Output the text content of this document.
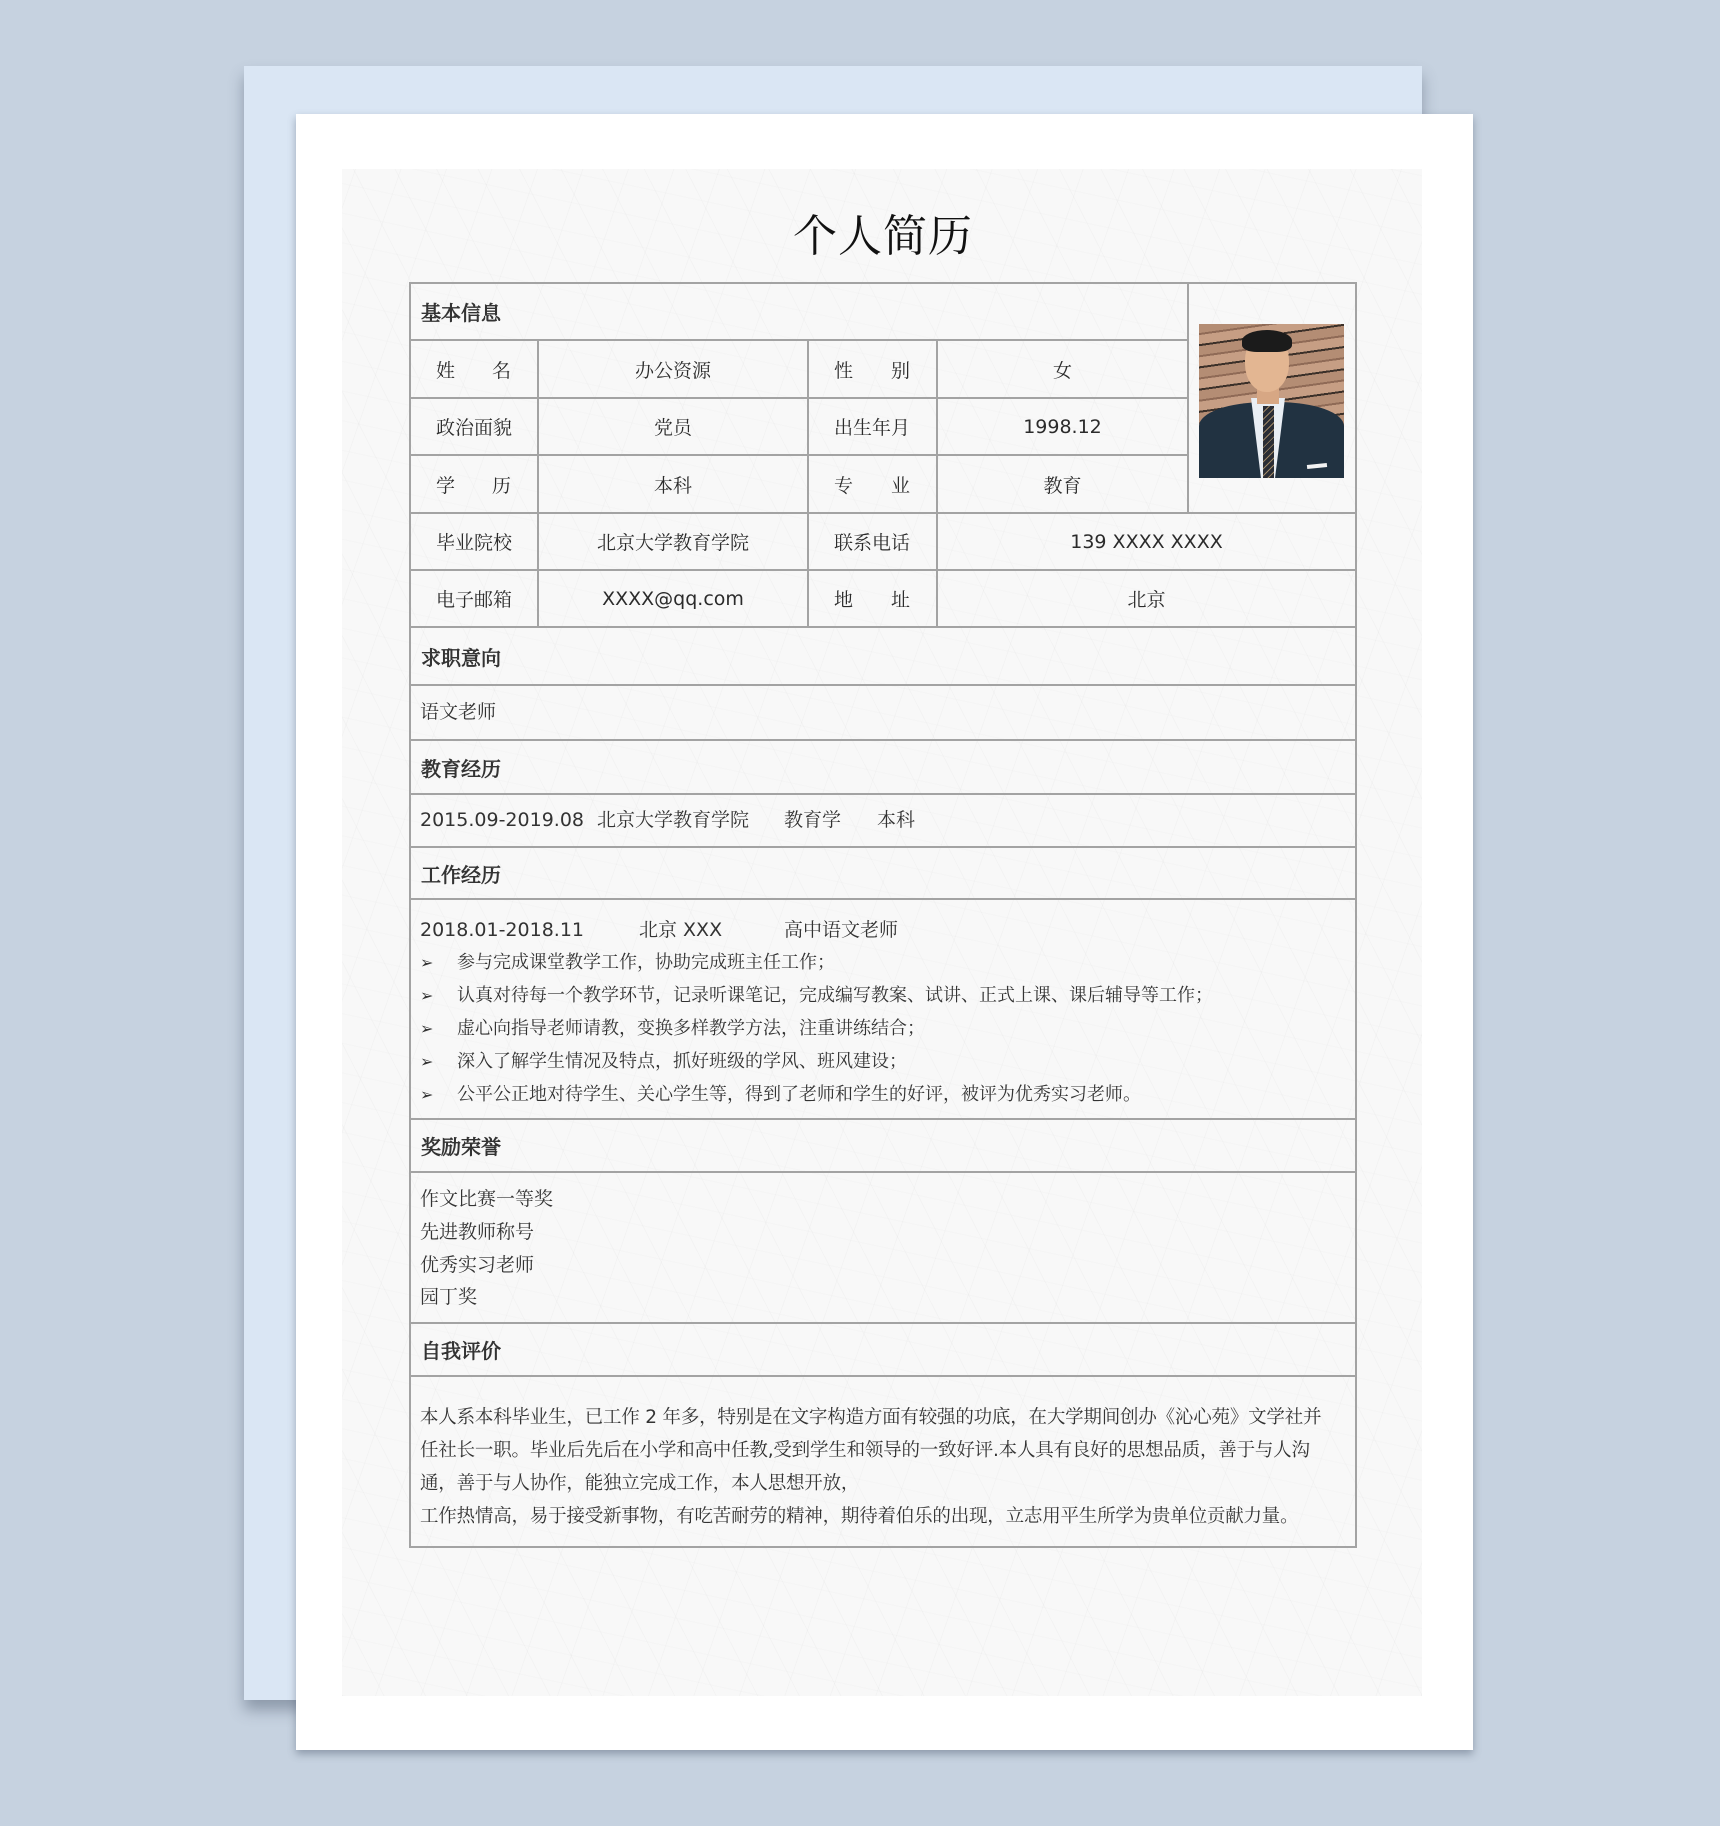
个人简历
基本信息
姓 名	办公资源	性 别	女
政治面貌	党员	出生年月	1998.12
学 历	本科	专 业	教育
毕业院校	北京大学教育学院	联系电话	139 XXXX XXXX
电子邮箱	XXXX@qq.com	地 址	北京
求职意向
语文老师
教育经历
2015.09-2019.08 北京大学教育学院 教育学 本科
工作经历
2018.01-2018.11	北京 XXX	高中语文老师
➢ 参与完成课堂教学工作，协助完成班主任工作；
➢ 认真对待每一个教学环节，记录听课笔记，完成编写教案、试讲、正式上课、课后辅导等工作；
➢ 虚心向指导老师请教，变换多样教学方法，注重讲练结合；
➢ 深入了解学生情况及特点，抓好班级的学风、班风建设；
➢ 公平公正地对待学生、关心学生等，得到了老师和学生的好评，被评为优秀实习老师。
奖励荣誉
作文比赛一等奖
先进教师称号
优秀实习老师
园丁奖
自我评价
本人系本科毕业生，已工作 2 年多，特别是在文字构造方面有较强的功底，在大学期间创办《沁心苑》文学社并
任社长一职。毕业后先后在小学和高中任教,受到学生和领导的一致好评.本人具有良好的思想品质，善于与人沟
通，善于与人协作，能独立完成工作，本人思想开放，
工作热情高，易于接受新事物，有吃苦耐劳的精神，期待着伯乐的出现，立志用平生所学为贵单位贡献力量。
